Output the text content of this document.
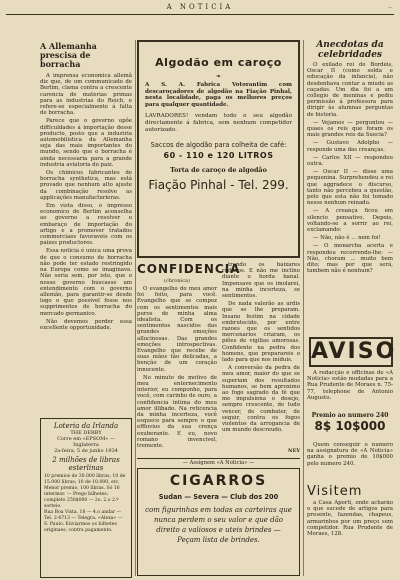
A NOTICIA	—
A Allemanha prescisa de borracha

A imprensa economica allemã diz que, de um communicado de Berlim, clama contra a crescente carencia de materias primas para as industrias do Reich, e refere-se especialmente á falta de borracha.

Parece que o governo opõe difficuldades á importação desse producto, posto que a industria automobilistica da Allemanha seja das mais importantes do mundo, sendo que o borracha é ainda necessaria para a grande industria aviatoria do paiz.

Os chimicos fabricantes de borracha synthetica, mas está provado que nenhum alto ajuste da combinação resolve as applicações manufacturieras.

Em vista disso, o impresso economico de Berlim aconselha ao governo a resolver o embaraço de importação do artigo e a promover tratados commerciaes favoraveis com os paizes productores.

Essa noticia é unica uma prova de que o consumo de borracha não pode ter estado restringido na Europa como se imaginava. Não seria sem, por isto, que o nosso governo buscasse um entendimento com o governo allemão, para garantir-se desde logo o que possivel fosse nos supprimentos de borracha do mercado germanico.

Não devemos perder essa excellente opportunidade.

Loteria da Irlanda
THE DERBY
Corre em «EPSOM» — Inglaterra
2a-feira, 5 de junho 1934
2 milhões de libras esterlinas
10 premios de 30.000 libras; 10 de 15.000 libras; 10 de 10.000, etc. Menor premio, 100 libras. Só 16 intermor. — Prego bilhetes: completo 250$000 — 2o. 2.o 2.º sorteio.
Rua Boa Vista, 18 — 4.o andar — Tel. 2-4713 — Telegra. «Alexa» — S. Paulo. Enviarmos os bilhetes originaes, contra pagamento.
Algodão em caroço
❧
A S. A. Fabrica Votorantim com descaroçadores de algodão na Fiação Pinhal, nesta localidade, paga os melhores preços para qualquer quantidade.
LAVRADORES! vendam todo o seu algodão directamente á fabrica, sem nenhum competidor autorizado.
Saccos de algodão para colheita de café:
60 - 110 e 120 LITROS
Torta de caroço de algodão
Fiação Pinhal - Tel. 299.
CONFIDENCIA
(chronica)

O evangelho do meu amor foi feito, para você. Evangelho que se compoz com os sentimentos mais puros de minha alma idealista. Com os sentimentos nascidos das grandes emoções allucinosas. Das grandes emoções introspectivas. Evangelho que recebe de suas mãos tão delicadas, a benção de um coração innocente.

No minuto de motivo de meu enternecimento interior, eu componho, para você, com carinho de ouro, a confidencia intima do meu amor illibado. Na reticencia da minha incerteza, você esquece para sempre o que effluvios da sua crença exuberante. E eu, novo romano invencivel, tremente.

trando os baixares rodilvos. E não me inclino diante o horda banal. Impensave que os imolarei, na minha incerteza, se sentimentos.

De nada valerão as ardis que se lhe preparam. Insano festim na cidade embrutecido, por entre razoes que os sentidos mercenarios criaram, os piões de vigilias amorosas. Confidente na pedra dos homens, que preparareis o lado para que nos iníduis.

A conversão da pedra de meu amor, maior do que se superiam dos resultados humanos, se bem aproximo ao fogo sagrado da fé que me impulsiona o desejo, sempre crescente, de tudo vencer, de combater, de seguir, contra os fogos violentos da arrogancia de um mundo descreudo.

NEY
— Assignem «A Noticia» —
CIGARROS
Sudan — Severa — Club dos 200
com figurinhas em todas as carteiras que nunca perdem o seu valor e que dão direito a valiosos e uteis brindes — Peçam lista de brindes.
Anecdotas da celebridades

O exilado rei de Bordéis, Oscar II (como solda e educação da infancia), não desdenhava contar a miudo as caçadas. Um dia foi a um collegio de meninas e pediu permissão á professora para dirigir às alumnas perguntas de historia.

— Vejamos — perguntou — quaes os reis que foram os mais grandes reis da Suecia?

— Gustavo Adolpho — responde uma das creanças.

— Carlos XII — respondeu outra.

— Oscar II — disse uma pequenina. Surprehendeu o rei que aggradece o discurso, tanto não percebeu a questão, pelo que esta não foi tomado nesse nenhum reinado.

— A creança ficou em silencio pensativo. Depois, voltando-se a sorrir ao rei, exclamando:

— Não, não é ... nem foi!

— O monarcha acerta e respondeu recorrendo-lhe: — Não, choram ... muito bem dito; mas por que será, tambem não é nenhum?

AVISO

A redacção e officinas de «A Noticia» estão mudadas para a Rua Prudente de Moraes n. 75-77, telephone de Antonio Augusto.

Premio ao numero 240
8$ 10$000

Quem conseguir o numero na assignatura de «A Noticia» ganha o premio de 10$000 pelo numero 240.

Visitem

a Casa Aporti, onde acharão o que sucede de artigos para presente, fazendas, chapeus, armarinhos por um preço sem competidor. Rua Prudente de Moraes, 128.
